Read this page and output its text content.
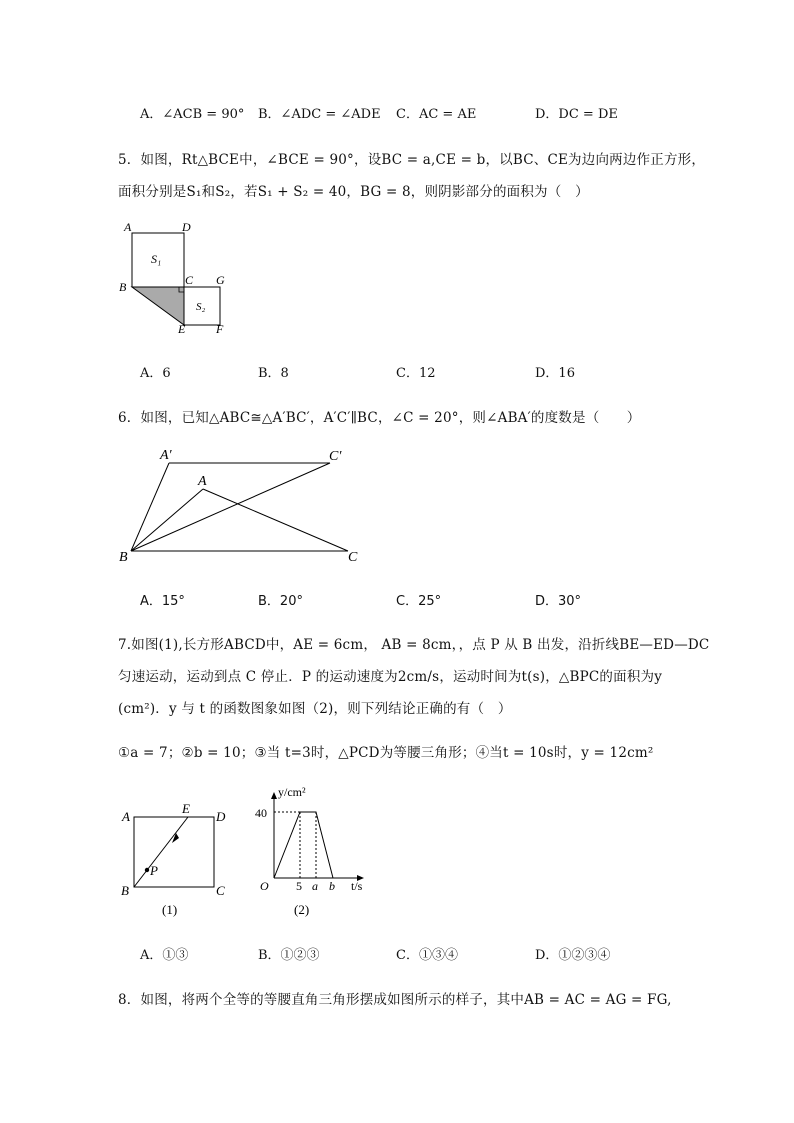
A．∠ACB = 90° B．∠ADC = ∠ADE C．AC = AE	D．DC = DE
5．如图，Rt△BCE中，∠BCE = 90°，设BC = a,CE = b，以BC、CE为边向两边作正方形，
面积分别是S₁和S₂，若S₁ + S₂ = 40，BG = 8，则阴影部分的面积为（　）
A	D
S₁
C G
B
S₂
E	F
A．6	B．8	C．12	D．16
6．如图，已知△ABC≅△A′BC′，A′C′∥BC，∠C = 20°，则∠ABA′的度数是（　　）
A′	C′
A
B	C
A．15°	B．20°	C．25°	D．30°
7.如图(1),长方形ABCD中，AE = 6cm， AB = 8cm，，点 P 从 B 出发，沿折线BE—ED—DC
匀速运动，运动到点 C 停止．P 的运动速度为2cm/s，运动时间为t(s)，△BPC的面积为y
(cm²)．y 与 t 的函数图象如图（2)，则下列结论正确的有（　）
①a = 7；②b = 10；③当 t=3时，△PCD为等腰三角形；④当t = 10s时，y = 12cm²
A
E
D
P
B	C
(1)
y/cm²
40
O 5 a b t/s
(2)
A．①③	B．①②③	C．①③④	D．①②③④
8．如图，将两个全等的等腰直角三角形摆成如图所示的样子，其中AB = AC = AG = FG,
